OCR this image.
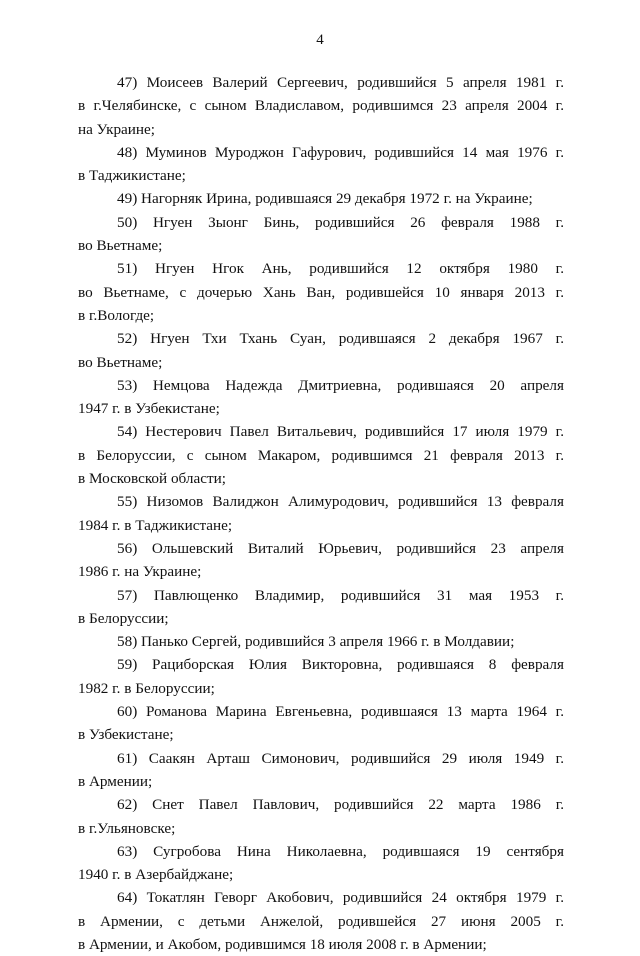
4
47) Моисеев Валерий Сергеевич, родившийся 5 апреля 1981 г.
в г.Челябинске, с сыном Владиславом, родившимся 23 апреля 2004 г.
на Украине;
48) Муминов Муроджон Гафурович, родившийся 14 мая 1976 г.
в Таджикистане;
49) Нагорняк Ирина, родившаяся 29 декабря 1972 г. на Украине;
50) Нгуен Зыонг Бинь, родившийся 26 февраля 1988 г.
во Вьетнаме;
51) Нгуен Нгок Ань, родившийся 12 октября 1980 г.
во Вьетнаме, с дочерью Хань Ван, родившейся 10 января 2013 г.
в г.Вологде;
52) Нгуен Тхи Тхань Суан, родившаяся 2 декабря 1967 г.
во Вьетнаме;
53) Немцова Надежда Дмитриевна, родившаяся 20 апреля
1947 г. в Узбекистане;
54) Нестерович Павел Витальевич, родившийся 17 июля 1979 г.
в Белоруссии, с сыном Макаром, родившимся 21 февраля 2013 г.
в Московской области;
55) Низомов Валиджон Алимуродович, родившийся 13 февраля
1984 г. в Таджикистане;
56) Ольшевский Виталий Юрьевич, родившийся 23 апреля
1986 г. на Украине;
57) Павлющенко Владимир, родившийся 31 мая 1953 г.
в Белоруссии;
58) Панько Сергей, родившийся 3 апреля 1966 г. в Молдавии;
59) Рациборская Юлия Викторовна, родившаяся 8 февраля
1982 г. в Белоруссии;
60) Романова Марина Евгеньевна, родившаяся 13 марта 1964 г.
в Узбекистане;
61) Саакян Арташ Симонович, родившийся 29 июля 1949 г.
в Армении;
62) Снет Павел Павлович, родившийся 22 марта 1986 г.
в г.Ульяновске;
63) Сугробова Нина Николаевна, родившаяся 19 сентября
1940 г. в Азербайджане;
64) Токатлян Геворг Акобович, родившийся 24 октября 1979 г.
в Армении, с детьми Анжелой, родившейся 27 июня 2005 г.
в Армении, и Акобом, родившимся 18 июля 2008 г. в Армении;
